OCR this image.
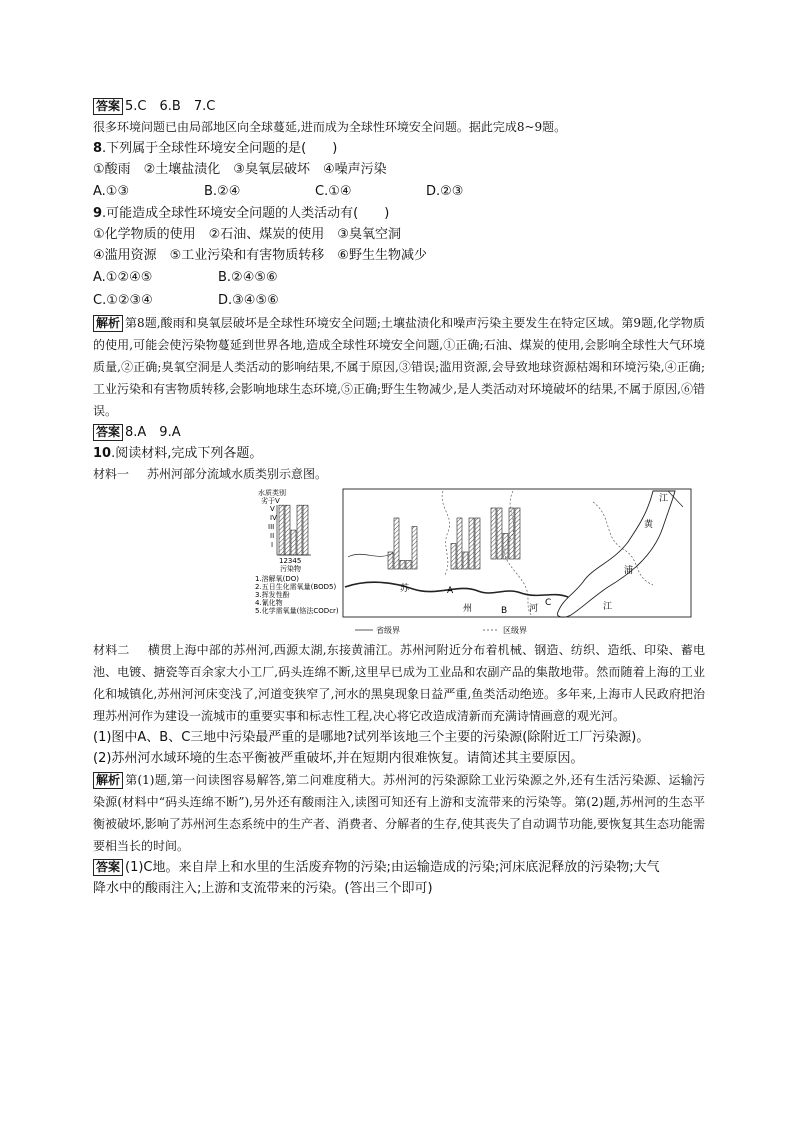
答案 5.C　6.B　7.C
很多环境问题已由局部地区向全球蔓延,进而成为全球性环境安全问题。据此完成8~9题。
8.下列属于全球性环境安全问题的是(　　)
①酸雨　②土壤盐渍化　③臭氧层破坏　④噪声污染
A.①③	B.②④	C.①④	D.②③
9.可能造成全球性环境安全问题的人类活动有(　　)
①化学物质的使用　②石油、煤炭的使用　③臭氧空洞
④滥用资源　⑤工业污染和有害物质转移　⑥野生生物减少
A.①②④⑤	B.②④⑤⑥
C.①②③④	D.③④⑤⑥
解析 第8题,酸雨和臭氧层破坏是全球性环境安全问题;土壤盐渍化和噪声污染主要发生在特定区域。第9题,化学物质的使用,可能会使污染物蔓延到世界各地,造成全球性环境安全问题,①正确;石油、煤炭的使用,会影响全球性大气环境质量,②正确;臭氧空洞是人类活动的影响结果,不属于原因,③错误;滥用资源,会导致地球资源枯竭和环境污染,④正确;工业污染和有害物质转移,会影响地球生态环境,⑤正确;野生生物减少,是人类活动对环境破坏的结果,不属于原因,⑥错误。
答案 8.A　9.A
10.阅读材料,完成下列各题。
材料一 苏州河部分流域水质类别示意图。
水质类别
劣于V
V
IV
III
II
I
12345
污染物
1.溶解氧(DO)
2.五日生化需氧量(BOD5)
3.挥发性酚
4.氰化物
5.化学需氧量(铬法CODcr)
苏
州	河
江
黄
浦
江
A
B
C
省级界	区级界
材料二 横贯上海中部的苏州河,西源太湖,东接黄浦江。苏州河附近分布着机械、钢造、纺织、造纸、印染、蓄电池、电镀、搪瓷等百余家大小工厂,码头连绵不断,这里早已成为工业品和农副产品的集散地带。然而随着上海的工业化和城镇化,苏州河河床变浅了,河道变狭窄了,河水的黑臭现象日益严重,鱼类活动绝迹。多年来,上海市人民政府把治理苏州河作为建设一流城市的重要实事和标志性工程,决心将它改造成清新而充满诗情画意的观光河。
(1)图中A、B、C三地中污染最严重的是哪地?试列举该地三个主要的污染源(除附近工厂污染源)。
(2)苏州河水域环境的生态平衡被严重破坏,并在短期内很难恢复。请简述其主要原因。
解析 第(1)题,第一问读图容易解答,第二问难度稍大。苏州河的污染源除工业污染源之外,还有生活污染源、运输污染源(材料中“码头连绵不断”),另外还有酸雨注入,读图可知还有上游和支流带来的污染等。第(2)题,苏州河的生态平衡被破坏,影响了苏州河生态系统中的生产者、消费者、分解者的生存,使其丧失了自动调节功能,要恢复其生态功能需要相当长的时间。
答案 (1)C地。来自岸上和水里的生活废弃物的污染;由运输造成的污染;河床底泥释放的污染物;大气
降水中的酸雨注入;上游和支流带来的污染。(答出三个即可)
